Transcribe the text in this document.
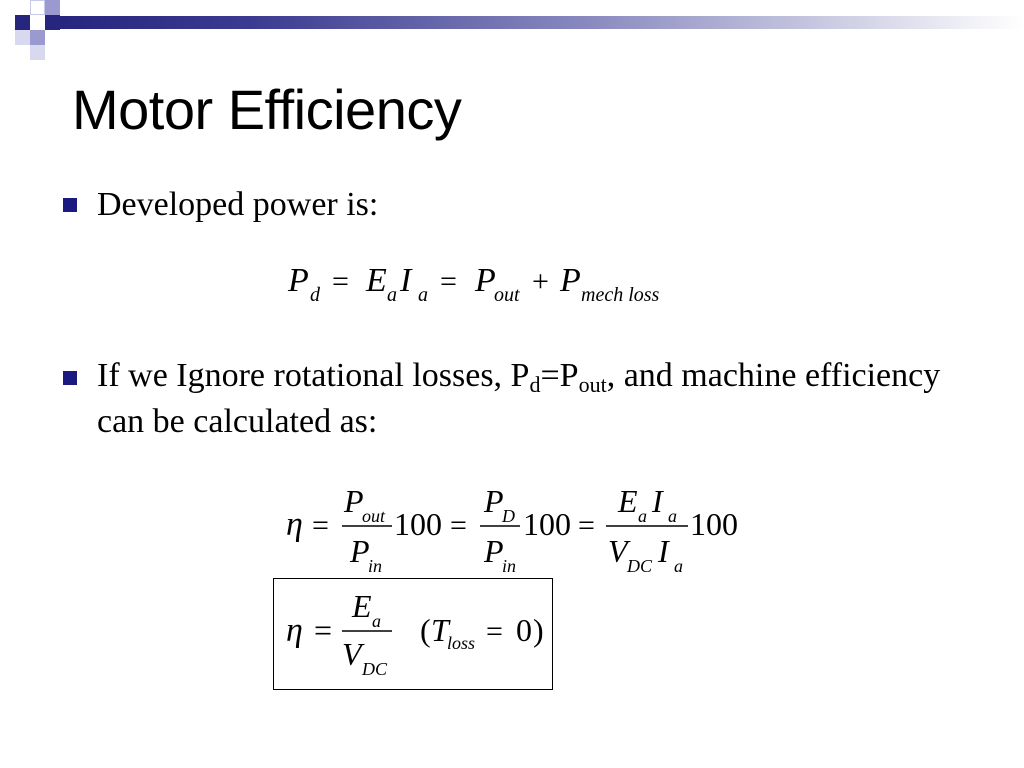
Motor Efficiency
Developed power is:
P d = E a I a = P
out + P mech loss
If we Ignore rotational losses, $P_d=P_{out}$, and machine efficiency can be calculated as:
η =
P
out
P
in
100 =
P
D
P
in
100 =
E a I a
V DC I a
100
η =
E a
V DC
( T
loss = 0 )
